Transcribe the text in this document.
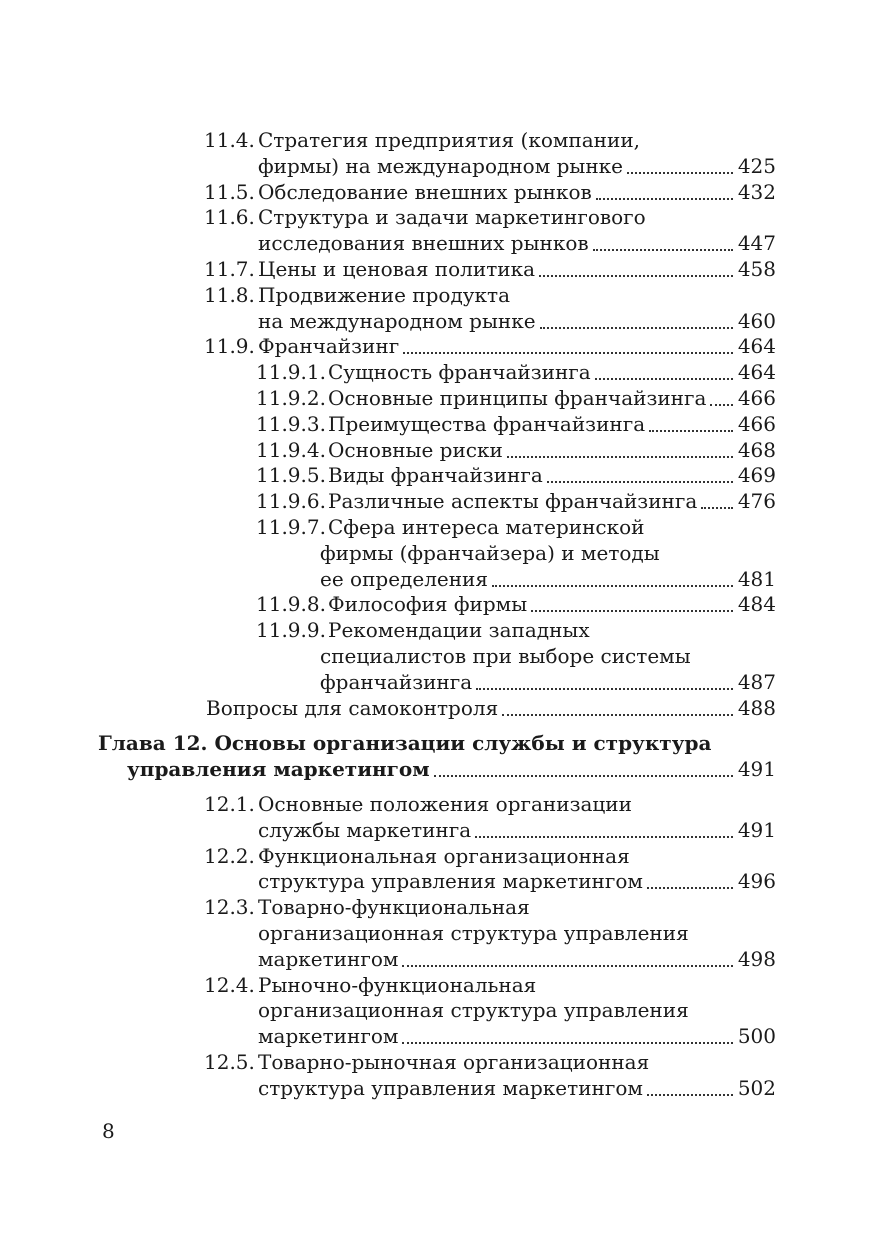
11.4. Стратегия предприятия (компании,
фирмы) на международном рынке	425
11.5. Обследование внешних рынков	432
11.6. Структура и задачи маркетингового
исследования внешних рынков	447
11.7. Цены и ценовая политика	458
11.8. Продвижение продукта
на международном рынке	460
11.9. Франчайзинг	464
11.9.1. Сущность франчайзинга	464
11.9.2. Основные принципы франчайзинга 466
11.9.3. Преимущества франчайзинга	466
11.9.4. Основные риски	468
11.9.5. Виды франчайзинга	469
11.9.6. Различные аспекты франчайзинга 476
11.9.7. Сфера интереса материнской
фирмы (франчайзера) и методы
ее определения	481
11.9.8. Философия фирмы	484
11.9.9. Рекомендации западных
специалистов при выборе системы
франчайзинга	487
Вопросы для самоконтроля	488
Глава 12. Основы организации службы и структура
управления маркетингом	491
12.1. Основные положения организации
службы маркетинга	491
12.2. Функциональная организационная
структура управления маркетингом	496
12.3. Товарно-функциональная
организационная структура управления
маркетингом	498
12.4. Рыночно-функциональная
организационная структура управления
маркетингом	500
12.5. Товарно-рыночная организационная
структура управления маркетингом	502
8
